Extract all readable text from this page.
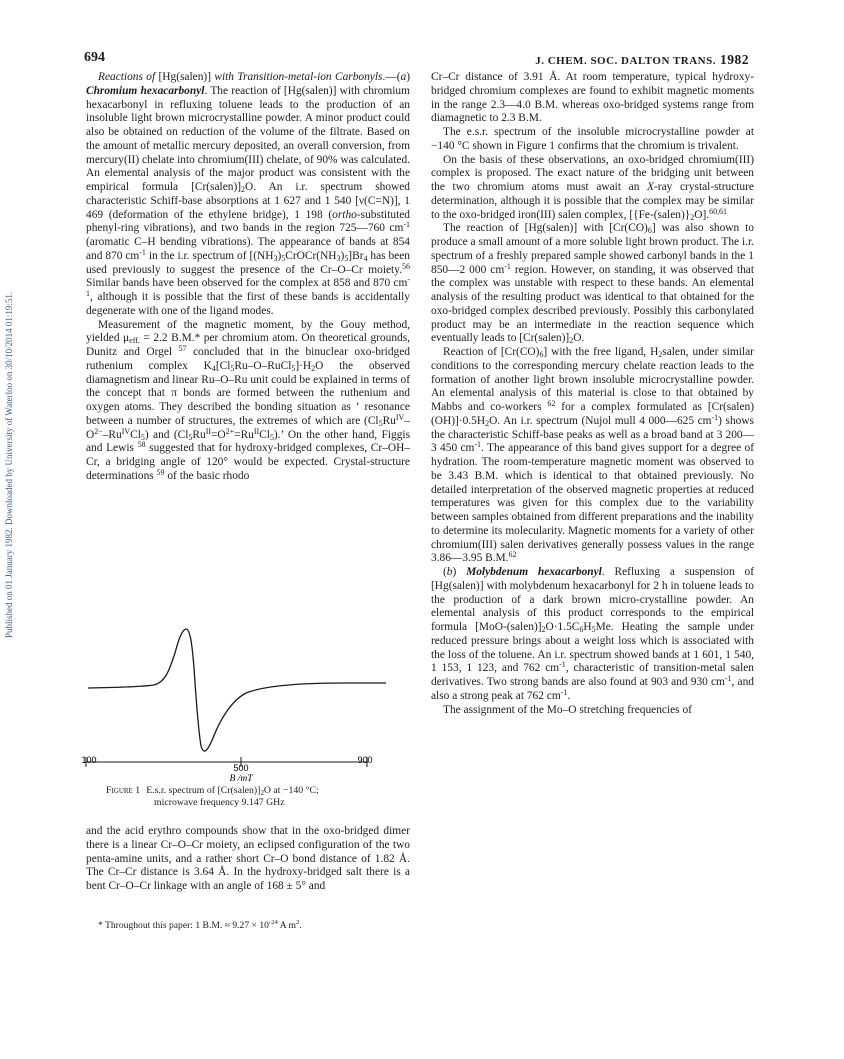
694	J. CHEM. SOC. DALTON TRANS. 1982
Published on 01 January 1982. Downloaded by University of Waterloo on 30/10/2014 01:19:51.

Reactions of [Hg(salen)] with Transition-metal-ion Carbonyls.—(a) Chromium hexacarbonyl. The reaction of [Hg(salen)] with chromium hexacarbonyl in refluxing toluene leads to the production of an insoluble light brown microcrystalline powder. A minor product could also be obtained on reduction of the volume of the filtrate. Based on the amount of metallic mercury deposited, an overall conversion, from mercury(II) chelate into chromium(III) chelate, of 90% was calculated. An elemental analysis of the major product was consistent with the empirical formula $[Cr(salen)]_2O$. An i.r. spectrum showed characteristic Schiff-base absorptions at 1 627 and 1 540 [ν(C=N)], 1 469 (deformation of the ethylene bridge), 1 198 (ortho-substituted phenyl-ring vibrations), and two bands in the region 725—760 $cm^{-1}$ (aromatic C–H bending vibrations). The appearance of bands at 854 and 870 $cm^{-1}$ in the i.r. spectrum of $[(NH_3)_5CrOCr(NH_3)_5]Br_4$ has been used previously to suggest the presence of the Cr–O–Cr moiety.$^{56}$ Similar bands have been observed for the complex at 858 and 870 $cm^{-1}$, although it is possible that the first of these bands is accidentally degenerate with one of the ligand modes.

Measurement of the magnetic moment, by the Gouy method, yielded $\mu_{eff.} = 2.2$ B.M.* per chromium atom. On theoretical grounds, Dunitz and Orgel $^{57}$ concluded that in the binuclear oxo-bridged ruthenium complex $K_4[Cl_5Ru-O-RuCl_5]\cdot H_2O$ the observed diamagnetism and linear Ru–O–Ru unit could be explained in terms of the concept that π bonds are formed between the ruthenium and oxygen atoms. They described the bonding situation as ‘ resonance between a number of structures, the extremes of which are $(Cl_5Ru^{IV}-O^{2-}-Ru^{IV}Cl_5)$ and $(Cl_5Ru^{II}=O^{2+}=Ru^{II}Cl_5)$.’ On the other hand, Figgis and Lewis $^{58}$ suggested that for hydroxy-bridged complexes, Cr–OH–Cr, a bridging angle of 120° would be expected. Crystal-structure determinations $^{59}$ of the basic rhodo

100
500
900
B /mT
Figure 1 E.s.r. spectrum of $[Cr(salen)]_2O$ at −140 °C;
microwave frequency 9.147 GHz

and the acid erythro compounds show that in the oxo-bridged dimer there is a linear Cr–O–Cr moiety, an eclipsed configuration of the two penta-amine units, and a rather short Cr–O bond distance of 1.82 Å. The Cr–Cr distance is 3.64 Å. In the hydroxy-bridged salt there is a bent Cr–O–Cr linkage with an angle of 168 ± 5° and

* Throughout this paper: 1 B.M. ≈ $9.27 \times 10^{-24}$ A $m^2$.

Cr–Cr distance of 3.91 Å. At room temperature, typical hydroxy-bridged chromium complexes are found to exhibit magnetic moments in the range 2.3—4.0 B.M. whereas oxo-bridged systems range from diamagnetic to 2.3 B.M.

The e.s.r. spectrum of the insoluble microcrystalline powder at −140 °C shown in Figure 1 confirms that the chromium is trivalent.

On the basis of these observations, an oxo-bridged chromium(III) complex is proposed. The exact nature of the bridging unit between the two chromium atoms must await an X-ray crystal-structure determination, although it is possible that the complex may be similar to the oxo-bridged iron(III) salen complex, $[\{Fe-(salen)\}_2O].^{60,61}$

The reaction of [Hg(salen)] with $[Cr(CO)_6]$ was also shown to produce a small amount of a more soluble light brown product. The i.r. spectrum of a freshly prepared sample showed carbonyl bands in the 1 850—2 000 $cm^{-1}$ region. However, on standing, it was observed that the complex was unstable with respect to these bands. An elemental analysis of the resulting product was identical to that obtained for the oxo-bridged complex described previously. Possibly this carbonylated product may be an intermediate in the reaction sequence which eventually leads to $[Cr(salen)]_2O$.

Reaction of $[Cr(CO)_6]$ with the free ligand, $H_2salen$, under similar conditions to the corresponding mercury chelate reaction leads to the formation of another light brown insoluble microcrystalline powder. An elemental analysis of this material is close to that obtained by Mabbs and co-workers $^{62}$ for a complex formulated as $[Cr(salen)(OH)]\cdot 0.5H_2O$. An i.r. spectrum (Nujol mull 4 000—625 $cm^{-1}$) shows the characteristic Schiff-base peaks as well as a broad band at 3 200—3 450 $cm^{-1}$. The appearance of this band gives support for a degree of hydration. The room-temperature magnetic moment was observed to be 3.43 B.M. which is identical to that obtained previously. No detailed interpretation of the observed magnetic properties at reduced temperatures was given for this complex due to the variability between samples obtained from different preparations and the inability to determine its molecularity. Magnetic moments for a variety of other chromium(III) salen derivatives generally possess values in the range 3.86—3.95 B.M.$^{62}$

(b) Molybdenum hexacarbonyl. Refluxing a suspension of [Hg(salen)] with molybdenum hexacarbonyl for 2 h in toluene leads to the production of a dark brown micro-crystalline powder. An elemental analysis of this product corresponds to the empirical formula $[MoO-(salen)]_2O\cdot 1.5C_6H_5Me$. Heating the sample under reduced pressure brings about a weight loss which is associated with the loss of the toluene. An i.r. spectrum showed bands at 1 601, 1 540, 1 153, 1 123, and 762 $cm^{-1}$, characteristic of transition-metal salen derivatives. Two strong bands are also found at 903 and 930 $cm^{-1}$, and also a strong peak at 762 $cm^{-1}$.

The assignment of the Mo–O stretching frequencies of
